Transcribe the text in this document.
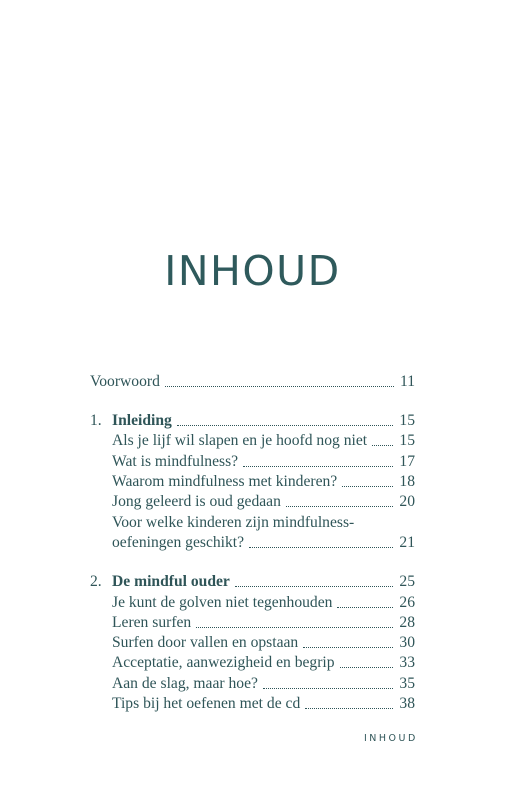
INHOUD
Voorwoord	11
1. Inleiding	15
Als je lijf wil slapen en je hoofd nog niet 15
Wat is mindfulness?	17
Waarom mindfulness met kinderen?	18
Jong geleerd is oud gedaan	20
Voor welke kinderen zijn mindfulness-
oefeningen geschikt?	21
2. De mindful ouder	25
Je kunt de golven niet tegenhouden	26
Leren surfen	28
Surfen door vallen en opstaan	30
Acceptatie, aanwezigheid en begrip	33
Aan de slag, maar hoe?	35
Tips bij het oefenen met de cd	38
INHOUD
